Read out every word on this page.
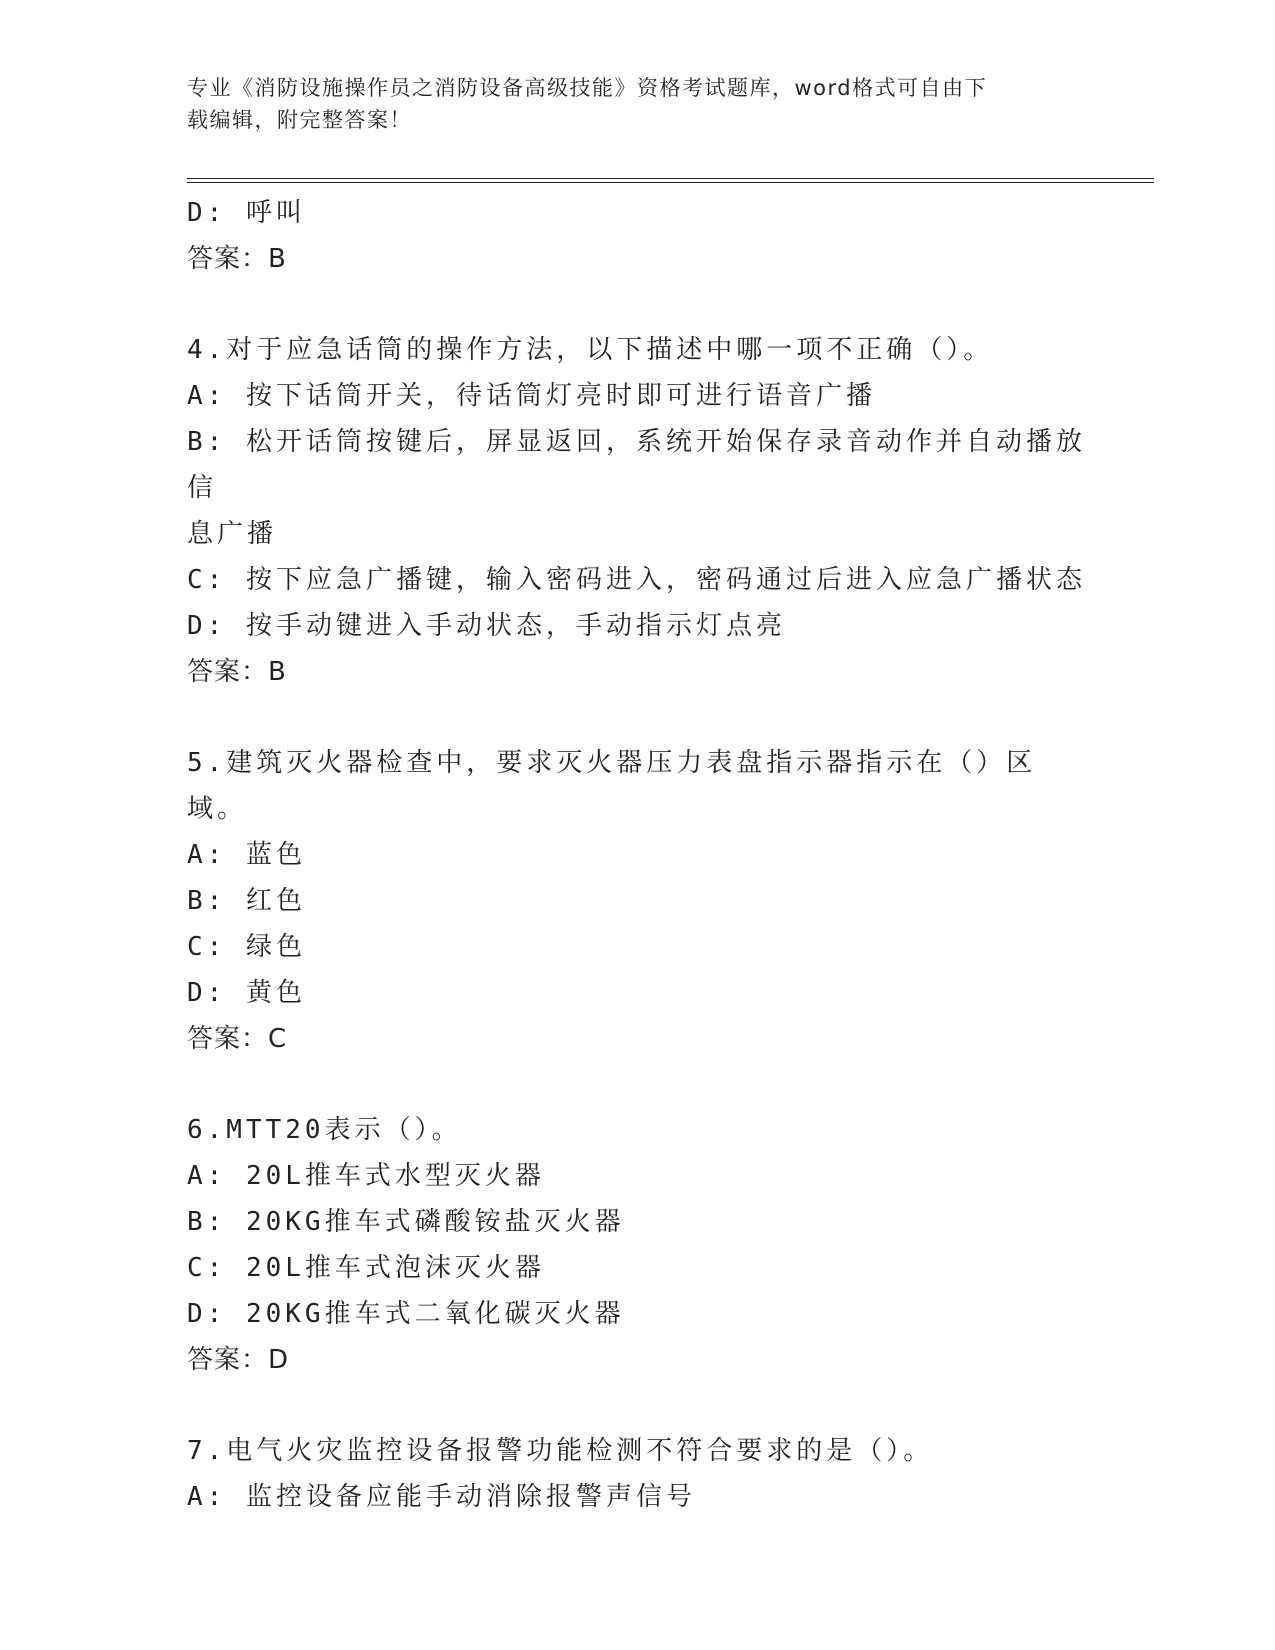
专业《消防设施操作员之消防设备高级技能》资格考试题库，word格式可自由下
载编辑，附完整答案！
D: 呼叫
答案：B
4.对于应急话筒的操作方法，以下描述中哪一项不正确（）。
A: 按下话筒开关，待话筒灯亮时即可进行语音广播
B: 松开话筒按键后，屏显返回，系统开始保存录音动作并自动播放信
息广播
C: 按下应急广播键，输入密码进入，密码通过后进入应急广播状态
D: 按手动键进入手动状态，手动指示灯点亮
答案：B
5.建筑灭火器检查中，要求灭火器压力表盘指示器指示在（）区域。
A: 蓝色
B: 红色
C: 绿色
D: 黄色
答案：C
6.MTT20表示（）。
A: 20L推车式水型灭火器
B: 20KG推车式磷酸铵盐灭火器
C: 20L推车式泡沫灭火器
D: 20KG推车式二氧化碳灭火器
答案：D
7.电气火灾监控设备报警功能检测不符合要求的是（）。
A: 监控设备应能手动消除报警声信号
